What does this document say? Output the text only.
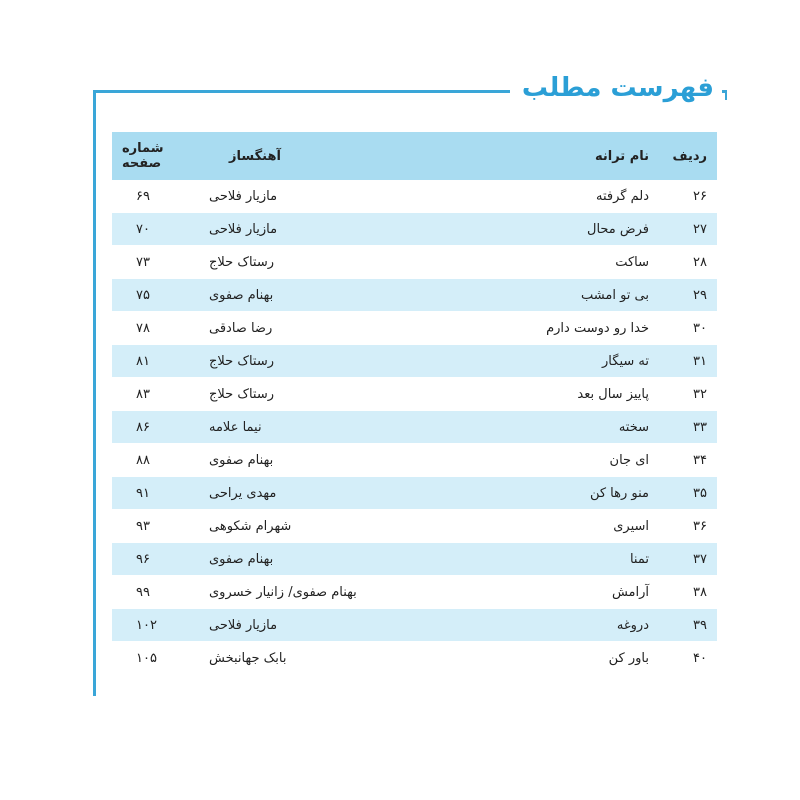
فهرست مطلب
ردیف	نام ترانه	آهنگساز	شماره صفحه
۲۶	دلم گرفته	مازیار فلاحی	۶۹
۲۷	فرض محال	مازیار فلاحی	۷۰
۲۸	ساکت	رستاک حلاج	۷۳
۲۹	بی تو امشب	بهنام صفوی	۷۵
۳۰	خدا رو دوست دارم	رضا صادقی	۷۸
۳۱	ته سیگار	رستاک حلاج	۸۱
۳۲	پاییز سال بعد	رستاک حلاج	۸۳
۳۳	سخته	نیما علامه	۸۶
۳۴	ای جان	بهنام صفوی	۸۸
۳۵	منو رها کن	مهدی یراحی	۹۱
۳۶	اسیری	شهرام شکوهی	۹۳
۳۷	تمنا	بهنام صفوی	۹۶
۳۸	آرامش	بهنام صفوی/ زانیار خسروی	۹۹
۳۹	دروغه	مازیار فلاحی	۱۰۲
۴۰	باور کن	بابک جهانبخش	۱۰۵
